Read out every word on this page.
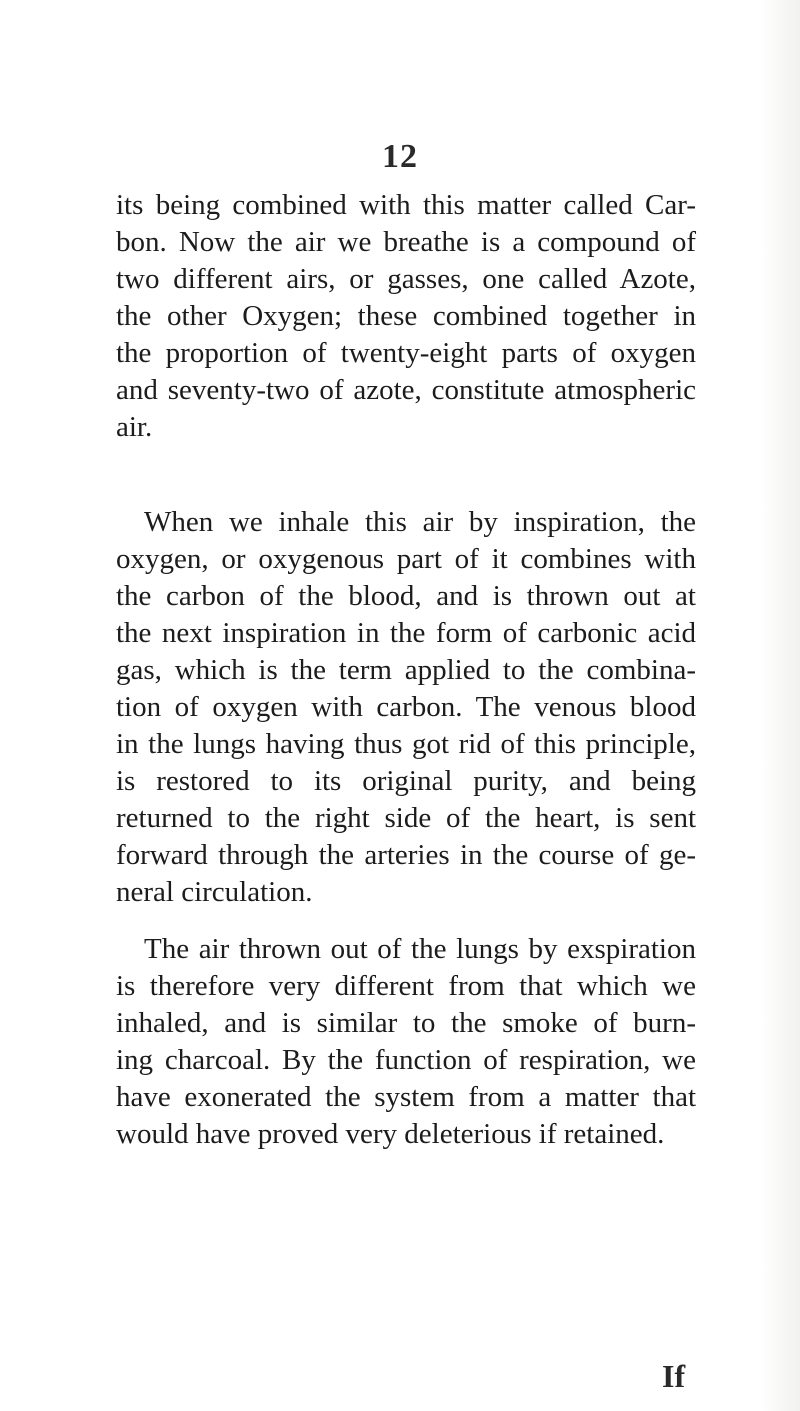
12
its being combined with this matter called Car-
bon. Now the air we breathe is a compound of
two different airs, or gasses, one called Azote,
the other Oxygen; these combined together in
the proportion of twenty-eight parts of oxygen
and seventy-two of azote, constitute atmospheric
air.
When we inhale this air by inspiration, the
oxygen, or oxygenous part of it combines with
the carbon of the blood, and is thrown out at
the next inspiration in the form of carbonic acid
gas, which is the term applied to the combina-
tion of oxygen with carbon. The venous blood
in the lungs having thus got rid of this principle,
is restored to its original purity, and being
returned to the right side of the heart, is sent
forward through the arteries in the course of ge-
neral circulation.
The air thrown out of the lungs by exspiration
is therefore very different from that which we
inhaled, and is similar to the smoke of burn-
ing charcoal. By the function of respiration, we
have exonerated the system from a matter that
would have proved very deleterious if retained.
If
